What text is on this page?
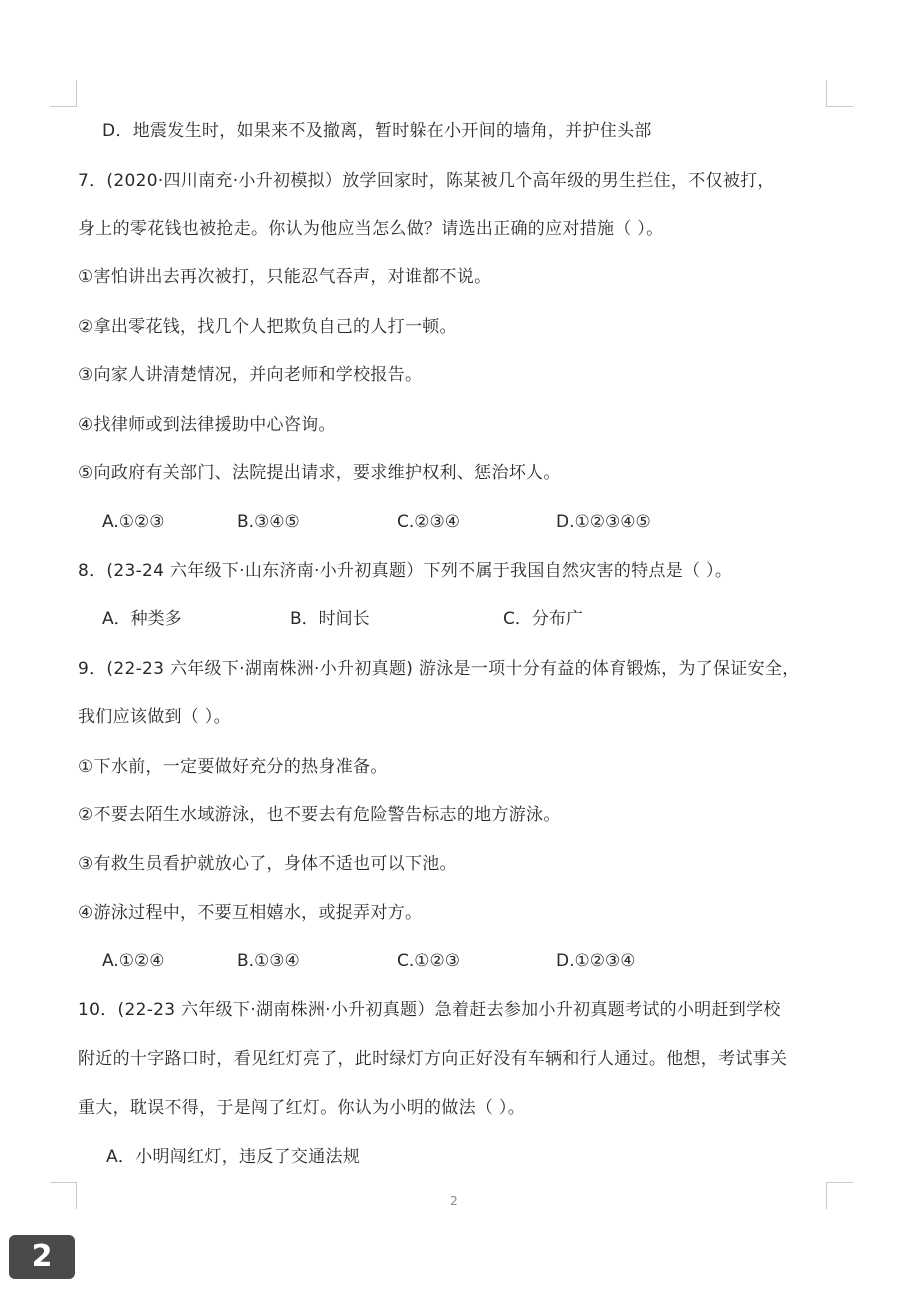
D．地震发生时，如果来不及撤离，暂时躲在小开间的墙角，并护住头部
7．(2020·四川南充·小升初模拟）放学回家时，陈某被几个高年级的男生拦住，不仅被打，
身上的零花钱也被抢走。你认为他应当怎么做？请选出正确的应对措施（ ）。
①害怕讲出去再次被打，只能忍气吞声，对谁都不说。
②拿出零花钱，找几个人把欺负自己的人打一顿。
③向家人讲清楚情况，并向老师和学校报告。
④找律师或到法律援助中心咨询。
⑤向政府有关部门、法院提出请求，要求维护权利、惩治坏人。
A.①②③	B.③④⑤	C.②③④	D.①②③④⑤
8．(23-24 六年级下·山东济南·小升初真题）下列不属于我国自然灾害的特点是（ ）。
A．种类多	B．时间长	C．分布广
9．(22-23 六年级下·湖南株洲·小升初真题) 游泳是一项十分有益的体育锻炼，为了保证安全，
我们应该做到（ ）。
①下水前，一定要做好充分的热身准备。
②不要去陌生水域游泳，也不要去有危险警告标志的地方游泳。
③有救生员看护就放心了，身体不适也可以下池。
④游泳过程中，不要互相嬉水，或捉弄对方。
A.①②④	B.①③④	C.①②③	D.①②③④
10．(22-23 六年级下·湖南株洲·小升初真题）急着赶去参加小升初真题考试的小明赶到学校
附近的十字路口时，看见红灯亮了，此时绿灯方向正好没有车辆和行人通过。他想，考试事关
重大，耽误不得，于是闯了红灯。你认为小明的做法（ ）。
A．小明闯红灯，违反了交通法规
2
2
